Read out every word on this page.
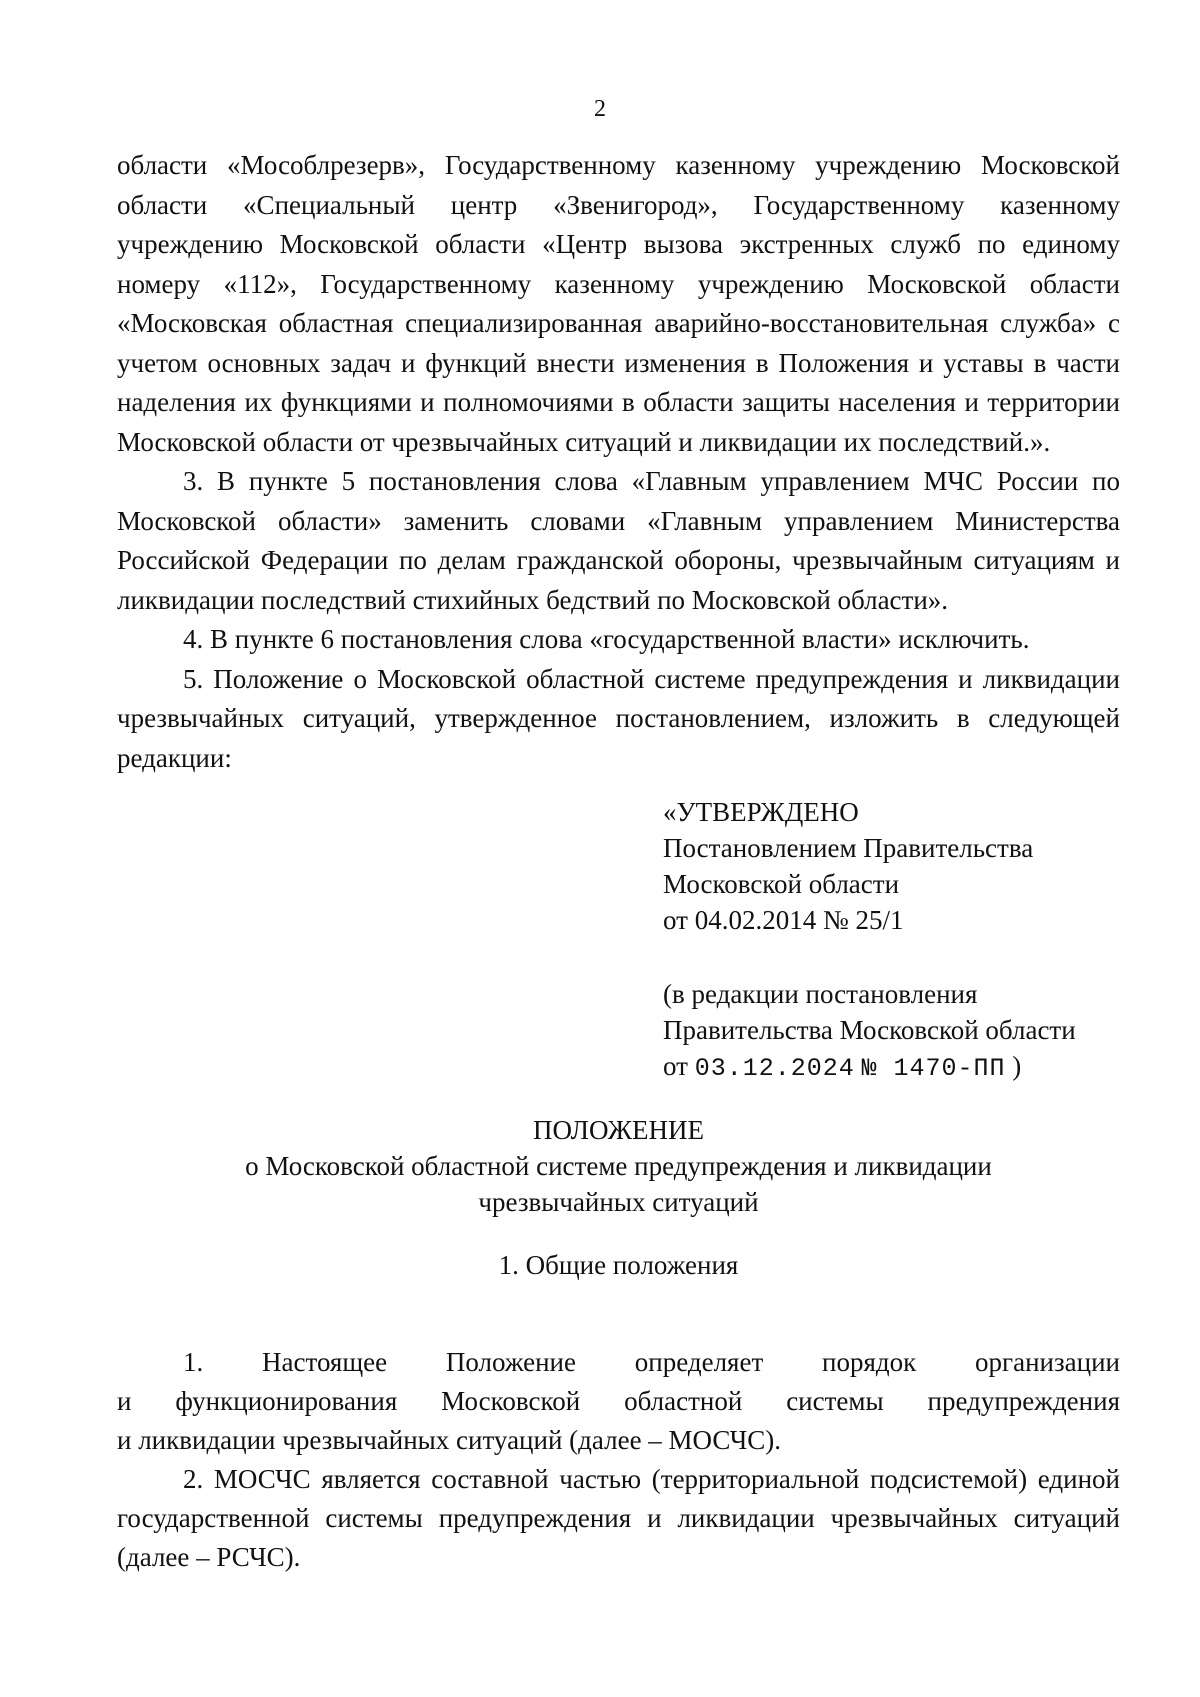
2

области «Мособлрезерв», Государственному казенному учреждению Московской области «Специальный центр «Звенигород», Государственному казенному учреждению Московской области «Центр вызова экстренных служб по единому номеру «112», Государственному казенному учреждению Московской области «Московская областная специализированная аварийно-восстановительная служба» с учетом основных задач и функций внести изменения в Положения и уставы в части наделения их функциями и полномочиями в области защиты населения и территории Московской области от чрезвычайных ситуаций и ликвидации их последствий.».

3. В пункте 5 постановления слова «Главным управлением МЧС России по Московской области» заменить словами «Главным управлением Министерства Российской Федерации по делам гражданской обороны, чрезвычайным ситуациям и ликвидации последствий стихийных бедствий по Московской области».

4. В пункте 6 постановления слова «государственной власти» исключить.

5. Положение о Московской областной системе предупреждения и ликвидации чрезвычайных ситуаций, утвержденное постановлением, изложить в следующей редакции:

«УТВЕРЖДЕНО

Постановлением Правительства

Московской области

от 04.02.2014 № 25/1

(в редакции постановления

Правительства Московской области

от 03.12.2024 № 1470-ПП )

ПОЛОЖЕНИЕ

о Московской областной системе предупреждения и ликвидации

чрезвычайных ситуаций

1. Общие положения

1. Настоящее Положение определяет порядок организации

и функционирования Московской областной системы предупреждения

и ликвидации чрезвычайных ситуаций (далее – МОСЧС).

2. МОСЧС является составной частью (территориальной подсистемой) единой государственной системы предупреждения и ликвидации чрезвычайных ситуаций (далее – РСЧС).
